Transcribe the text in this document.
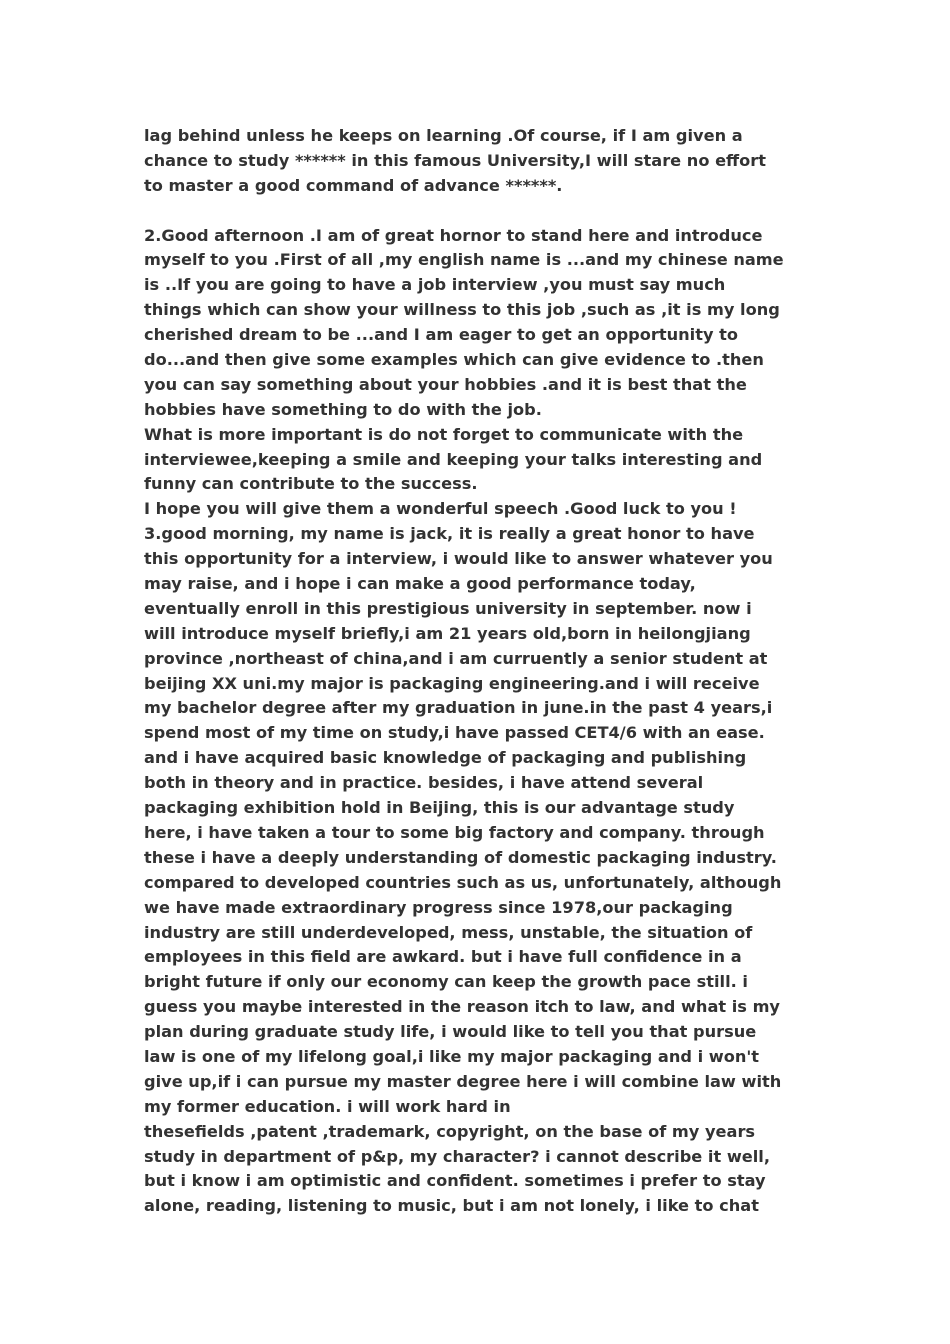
lag behind unless he keeps on learning .Of course, if I am given a
chance to study ****** in this famous University,I will stare no effort
to master a good command of advance ******.
2.Good afternoon .I am of great hornor to stand here and introduce
myself to you .First of all ,my english name is ...and my chinese name
is ..If you are going to have a job interview ,you must say much
things which can show your willness to this job ,such as ,it is my long
cherished dream to be ...and I am eager to get an opportunity to
do...and then give some examples which can give evidence to .then
you can say something about your hobbies .and it is best that the
hobbies have something to do with the job.
What is more important is do not forget to communicate with the
interviewee,keeping a smile and keeping your talks interesting and
funny can contribute to the success.
I hope you will give them a wonderful speech .Good luck to you !
3.good morning, my name is jack, it is really a great honor to have
this opportunity for a interview, i would like to answer whatever you
may raise, and i hope i can make a good performance today,
eventually enroll in this prestigious university in september. now i
will introduce myself briefly,i am 21 years old,born in heilongjiang
province ,northeast of china,and i am curruently a senior student at
beijing XX uni.my major is packaging engineering.and i will receive
my bachelor degree after my graduation in june.in the past 4 years,i
spend most of my time on study,i have passed CET4/6 with an ease.
and i have acquired basic knowledge of packaging and publishing
both in theory and in practice. besides, i have attend several
packaging exhibition hold in Beijing, this is our advantage study
here, i have taken a tour to some big factory and company. through
these i have a deeply understanding of domestic packaging industry.
compared to developed countries such as us, unfortunately, although
we have made extraordinary progress since 1978,our packaging
industry are still underdeveloped, mess, unstable, the situation of
employees in this field are awkard. but i have full confidence in a
bright future if only our economy can keep the growth pace still. i
guess you maybe interested in the reason itch to law, and what is my
plan during graduate study life, i would like to tell you that pursue
law is one of my lifelong goal,i like my major packaging and i won't
give up,if i can pursue my master degree here i will combine law with
my former education. i will work hard in
thesefields ,patent ,trademark, copyright, on the base of my years
study in department of p&p, my character? i cannot describe it well,
but i know i am optimistic and confident. sometimes i prefer to stay
alone, reading, listening to music, but i am not lonely, i like to chat
